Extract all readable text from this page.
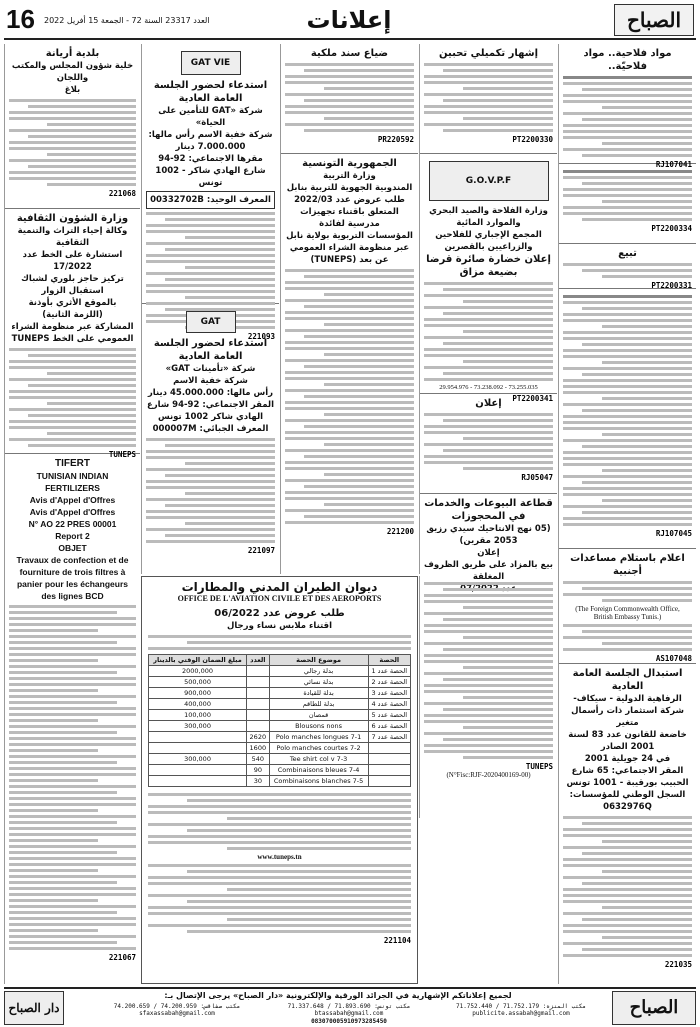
16	العدد 23317 السنة 72 - الجمعة 15 أفريل 2022	إعلانات	الصباح
مواد فلاحية.. مواد فلاحيّة..
RJ107041
PT2200334
تبيع
PT2200331
RJ107045
اعلام باستلام مساعدات أجنبية
(The Foreign Commonwealth Office,
British Embassy Tunis.)
AS107048
استبدال الجلسة العامة العادية
الرفاهية الدولية - سيكاف-
شركة استثمار ذات رأسمال متغير
خاضعة للقانون عدد 83 لسنة 2001 الصادر
في 24 جويلية 2001
المقر الاجتماعي: 65 شارع الحبيب بورقيبة - 1001 تونس
السجل الوطني للمؤسسات: 0632976Q
221035
إشهار تكميلي تحبين
PT2200330
G.O.V.P.F
وزارة الفلاحة والصيد البحري والموارد المائية
المجمع الإجباري للفلاحين والزراعيين بالقصرين
إعلان خضارة صائرة قرضا بضيعة مزاق
29.954.976 - 73.238.092 - 73.255.035
PT2200341
إعلان
RJ05047
قطاعة البيوعات والخدمات في المحجوزات
(05 نهج الانتاحيك سيدي رزيق 2053 مقرين)
إعلان
بيع بالمزاد على طريق الظروف المغلقة
TUNEPS
(N°Fisc:RJF-2020400169-00)
ضياع سند ملكية
PR220592
الجمهورية التونسية
وزارة التربية
المندوبية الجهوية للتربية بنابل
طلب عروض عدد 2022/03
المتعلق باقتناء تجهيزات مدرسية لفائدة
المؤسسات التربوية بولاية نابل
عبر منظومة الشراء العمومي عن بعد (TUNEPS)
221200
GAT VIE
استدعاء لحضور الجلسة العامة العادية
شركة «GAT للتأمين على الحياة»
شركة خفية الاسم رأس مالها: 7.000.000 دينار
مقرها الاجتماعي: 92-94 شارع الهادي شاكر - 1002 تونس
المعرف الوحيد: 00332702B
221093
GAT
استدعاء لحضور الجلسة العامة العادية
شركة «تأمينات GAT»
شركة خفية الاسم
رأس مالها: 45.000.000 دينار
المقر الاجتماعي: 92-94 شارع الهادي شاكر 1002 تونس
المعرف الجبائي: 000007M
221097
ديوان الطيران المدني والمطارات
OFFICE DE L'AVIATION CIVILE ET DES AEROPORTS
طلب عروض عدد 06/2022
اقتناء ملابس نساء ورجال
الحصة	موضوع الحصة	العدد	مبلغ الضمان الوقتي بالدينار
الحصة عدد 1	بدلة رجالي		2000,000
الحصة عدد 2	بدلة نسائي		500,000
الحصة عدد 3	بدلة للقيادة		900,000
الحصة عدد 4	بدلة للطاقم		400,000
الحصة عدد 5	قمصان		100,000
الحصة عدد 6	Blousons nons		300,000
الحصة عدد 7	Polo manches longues 7-1	2620	
	Polo manches courtes 7-2	1600	
	Tee shirt col v 7-3	540	300,000
	Combinaisons bleues 7-4	90	
	Combinaisons blanches 7-5	30	
www.tuneps.tn
221104
بلدية أريانة
خلية شؤون المجلس والمكتب واللجان
بلاغ
221068
وزارة الشؤون الثقافية
وكالة إحياء التراث والتنمية الثقافية
استشارة على الخط عدد 17/2022
تركيز حاجز بلوري لشباك استقبال الزوار
بالموقع الأثري بأوذنة
(اللزمة الثانية)
المشاركة عبر منظومة الشراء العمومي على الخط TUNEPS
TUNEPS
TIFERT
TUNISIAN INDIAN FERTILIZERS
Avis d'Appel d'Offres
Avis d'Appel d'Offres
N° AO 22 PRES 00001
Report 2
OBJET
Travaux de confection et de fourniture de trois filtres à panier pour les échangeurs des lignes BCD
221067
الصباح
دار الصباح
لجميع إعلاناتكم الإشهارية في الجرائد الورقية والإلكترونية «دار الصباح» يرجى الإتصال بـ:
مكتب المنزه: 71.752.179 / 71.752.440 publicite.assabah@gmail.com
مكتب تونس: 71.893.690 / 71.337.648 btassabah@gmail.com
مكتب صفاقس: 74.200.959 / 74.200.659 sfaxassabah@gmail.com
083070005910973285450
